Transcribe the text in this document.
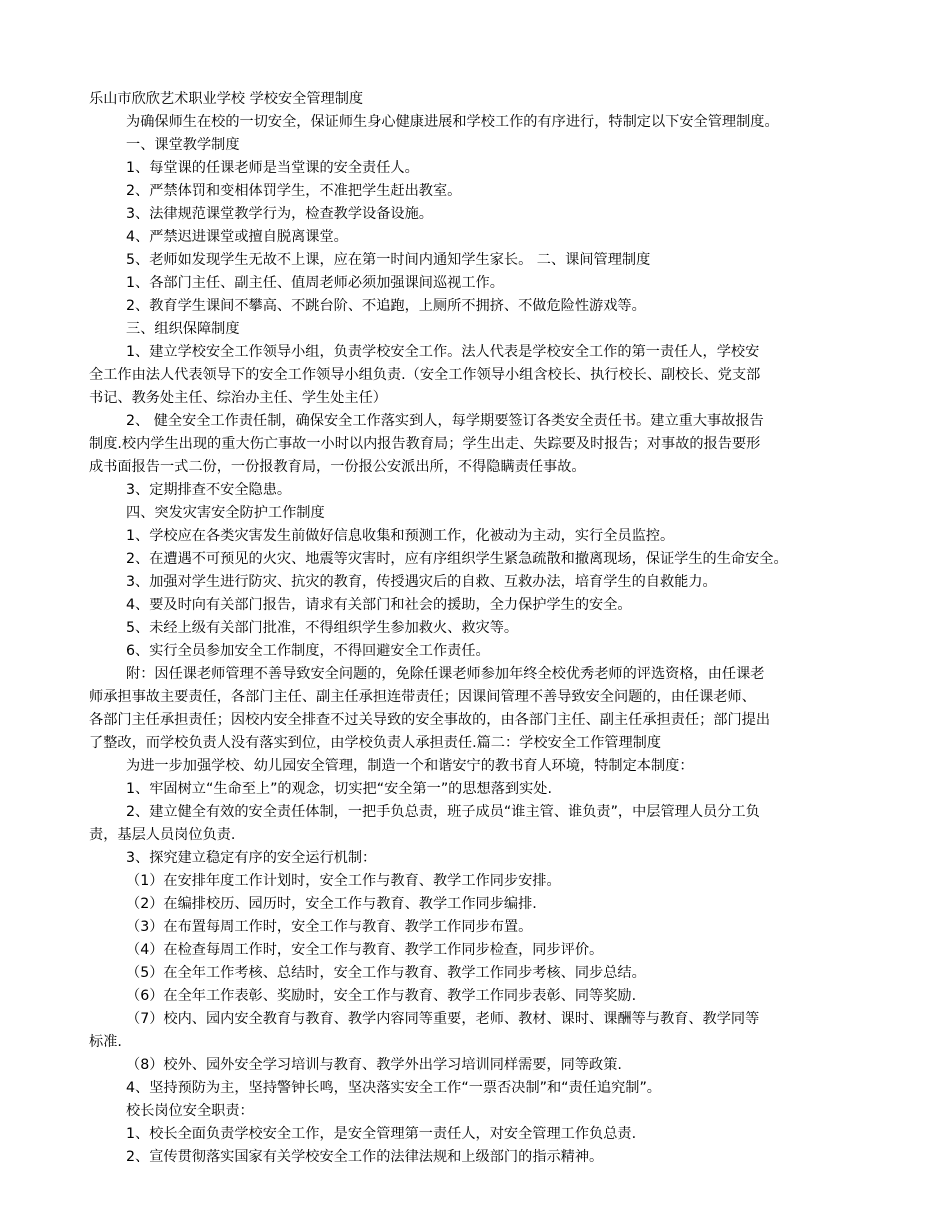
乐山市欣欣艺术职业学校 学校安全管理制度
为确保师生在校的一切安全，保证师生身心健康进展和学校工作的有序进行，特制定以下安全管理制度。
一、课堂教学制度
1、每堂课的任课老师是当堂课的安全责任人。
2、严禁体罚和变相体罚学生，不准把学生赶出教室。
3、法律规范课堂教学行为，检查教学设备设施。
4、严禁迟进课堂或擅自脱离课堂。
5、老师如发现学生无故不上课，应在第一时间内通知学生家长。 二、课间管理制度
1、各部门主任、副主任、值周老师必须加强课间巡视工作。
2、教育学生课间不攀高、不跳台阶、不追跑，上厕所不拥挤、不做危险性游戏等。
三、组织保障制度
1、建立学校安全工作领导小组，负责学校安全工作。法人代表是学校安全工作的第一责任人，学校安
全工作由法人代表领导下的安全工作领导小组负责.（安全工作领导小组含校长、执行校长、副校长、党支部
书记、教务处主任、综治办主任、学生处主任）
2、 健全安全工作责任制，确保安全工作落实到人，每学期要签订各类安全责任书。建立重大事故报告
制度.校内学生出现的重大伤亡事故一小时以内报告教育局；学生出走、失踪要及时报告；对事故的报告要形
成书面报告一式二份，一份报教育局，一份报公安派出所，不得隐瞒责任事故。
3、定期排查不安全隐患。
四、突发灾害安全防护工作制度
1、学校应在各类灾害发生前做好信息收集和预测工作，化被动为主动，实行全员监控。
2、在遭遇不可预见的火灾、地震等灾害时，应有序组织学生紧急疏散和撤离现场，保证学生的生命安全。
3、加强对学生进行防灾、抗灾的教育，传授遇灾后的自救、互救办法，培育学生的自救能力。
4、要及时向有关部门报告，请求有关部门和社会的援助，全力保护学生的安全。
5、未经上级有关部门批准，不得组织学生参加救火、救灾等。
6、实行全员参加安全工作制度，不得回避安全工作责任。
附：因任课老师管理不善导致安全问题的，免除任课老师参加年终全校优秀老师的评选资格，由任课老
师承担事故主要责任，各部门主任、副主任承担连带责任；因课间管理不善导致安全问题的，由任课老师、
各部门主任承担责任；因校内安全排查不过关导致的安全事故的，由各部门主任、副主任承担责任；部门提出
了整改，而学校负责人没有落实到位，由学校负责人承担责任.篇二：学校安全工作管理制度
为进一步加强学校、幼儿园安全管理，制造一个和谐安宁的教书育人环境，特制定本制度：
1、牢固树立“生命至上”的观念，切实把“安全第一”的思想落到实处.
2、建立健全有效的安全责任体制，一把手负总责，班子成员“谁主管、谁负责”，中层管理人员分工负
责，基层人员岗位负责.
3、探究建立稳定有序的安全运行机制：
（1）在安排年度工作计划时，安全工作与教育、教学工作同步安排。
（2）在编排校历、园历时，安全工作与教育、教学工作同步编排.
（3）在布置每周工作时，安全工作与教育、教学工作同步布置。
（4）在检查每周工作时，安全工作与教育、教学工作同步检查，同步评价。
（5）在全年工作考核、总结时，安全工作与教育、教学工作同步考核、同步总结。
（6）在全年工作表彰、奖励时，安全工作与教育、教学工作同步表彰、同等奖励.
（7）校内、园内安全教育与教育、教学内容同等重要，老师、教材、课时、课酬等与教育、教学同等
标准.
（8）校外、园外安全学习培训与教育、教学外出学习培训同样需要，同等政策.
4、坚持预防为主，坚持警钟长鸣，坚决落实安全工作“一票否决制”和“责任追究制”。
校长岗位安全职责：
1、校长全面负责学校安全工作，是安全管理第一责任人，对安全管理工作负总责.
2、宣传贯彻落实国家有关学校安全工作的法律法规和上级部门的指示精神。
